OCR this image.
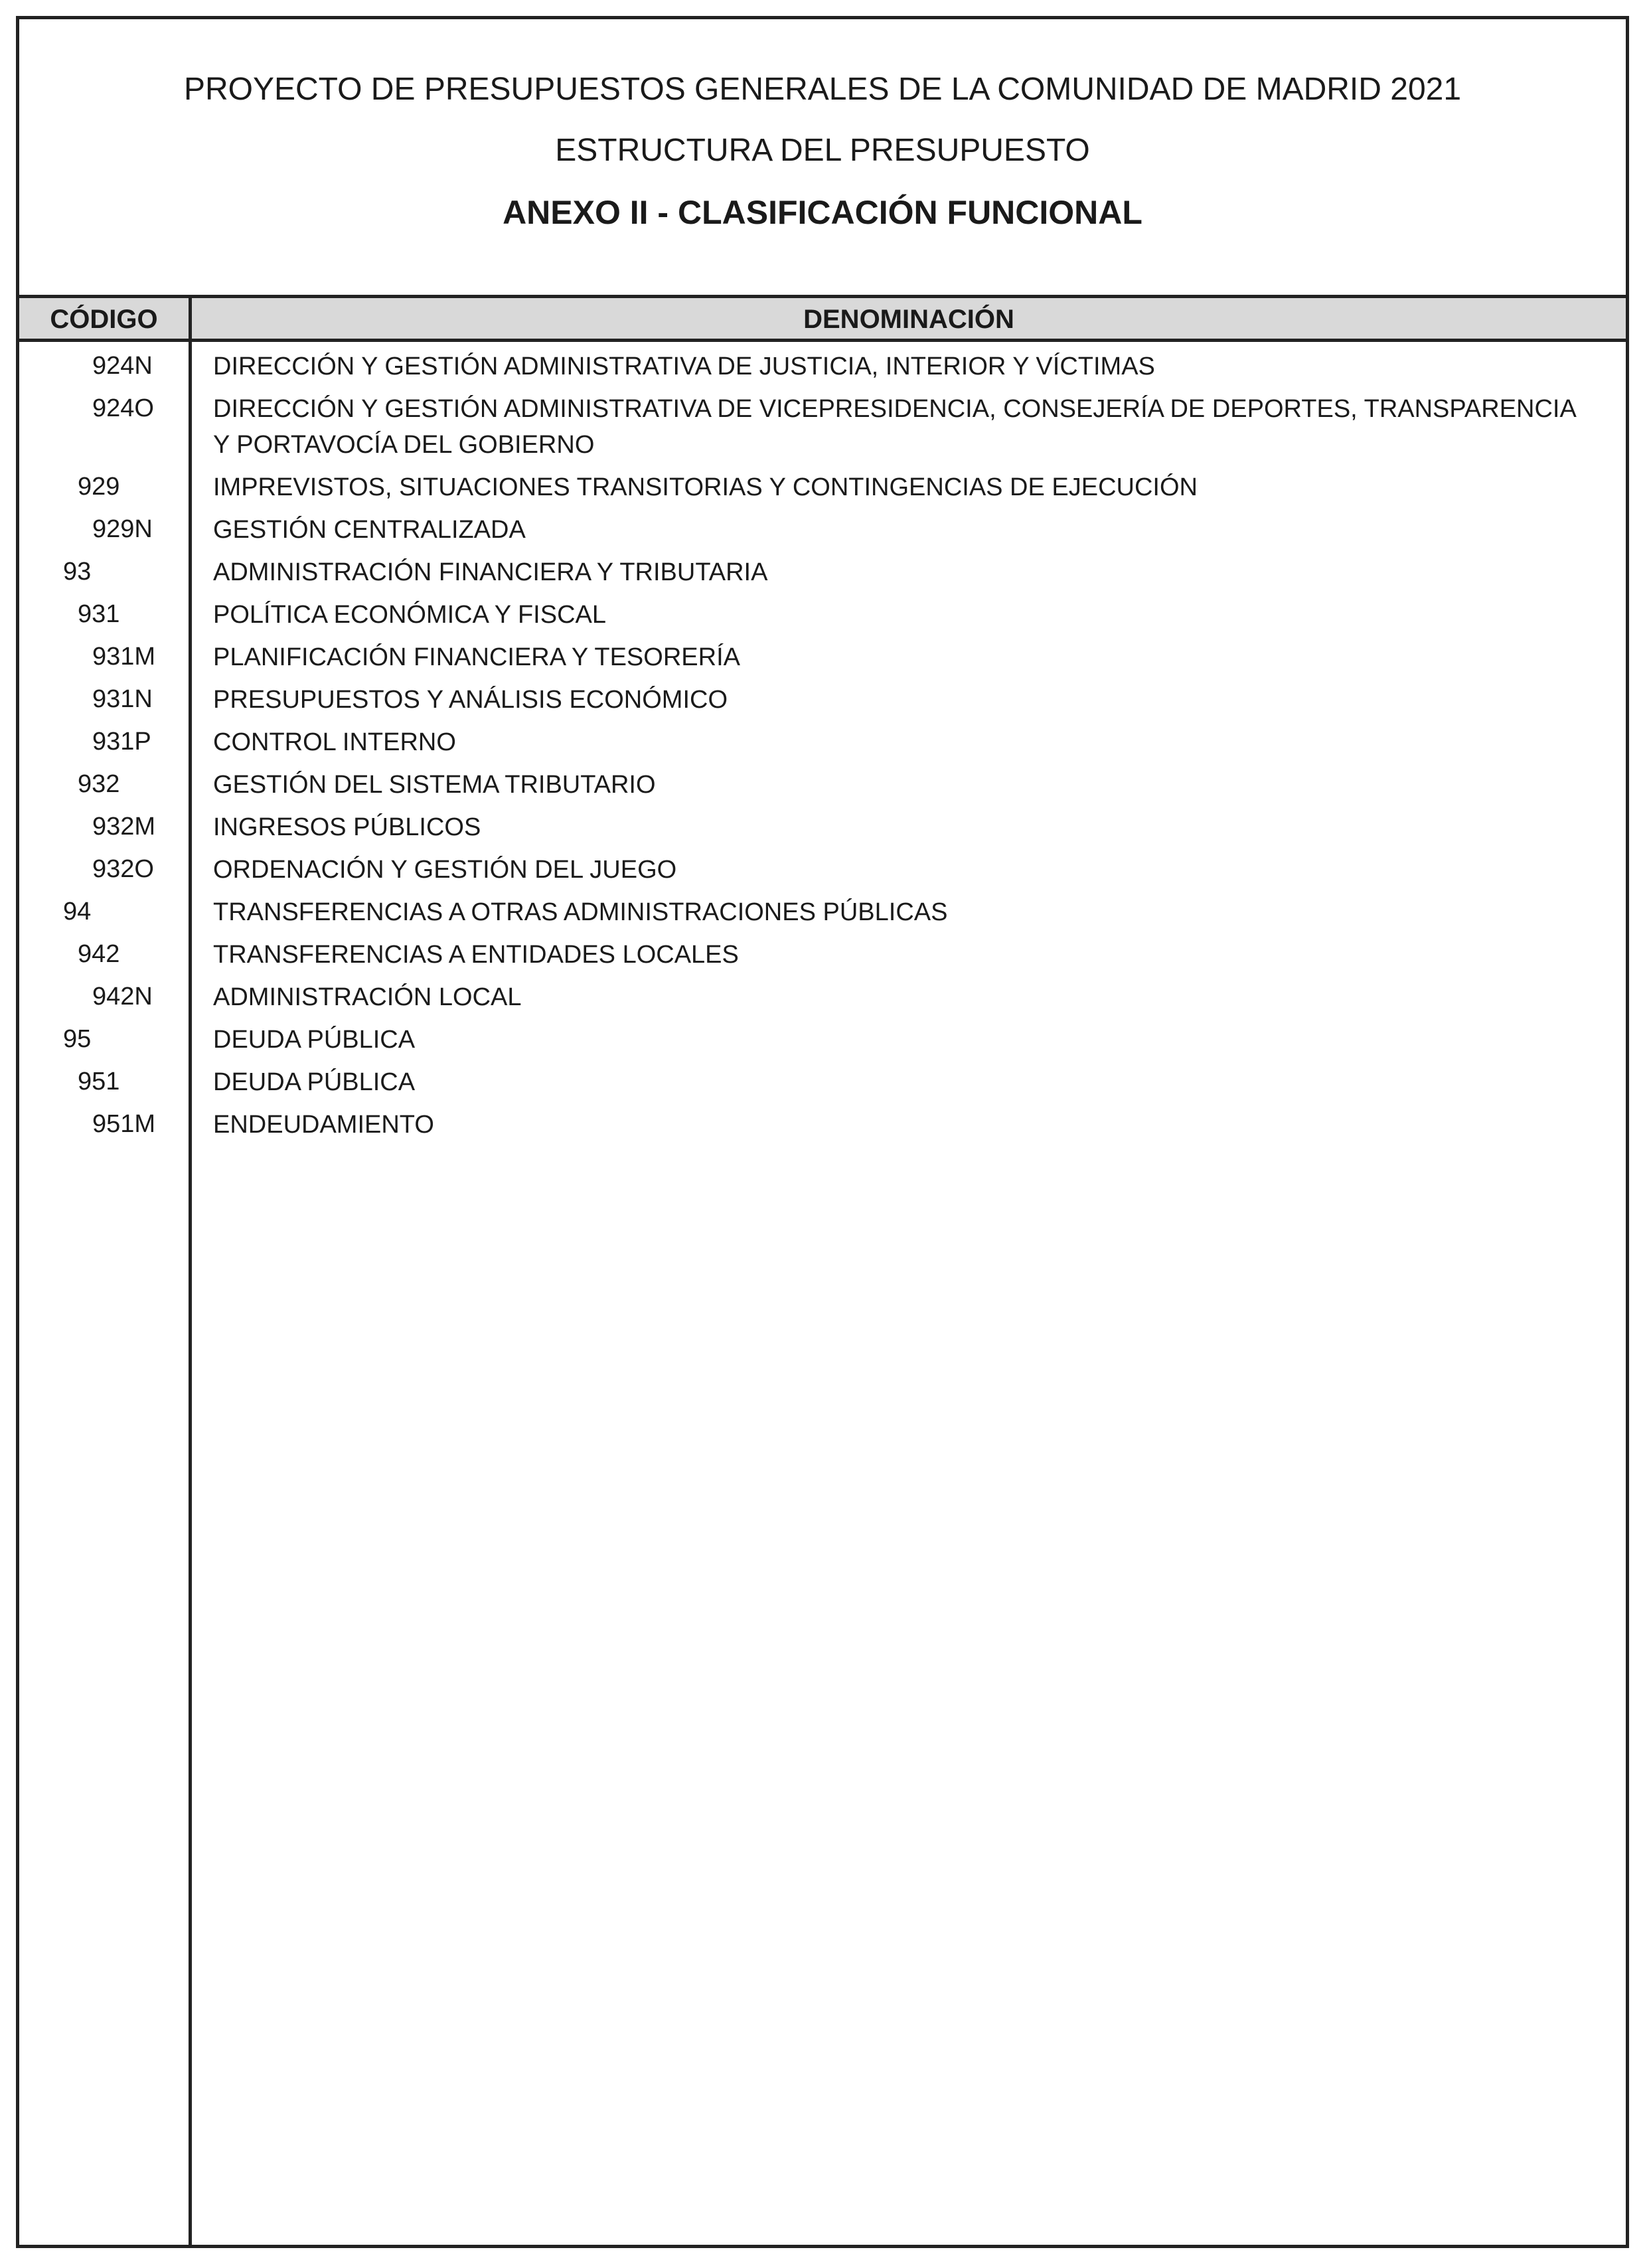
PROYECTO DE PRESUPUESTOS GENERALES DE LA COMUNIDAD DE MADRID 2021
ESTRUCTURA DEL PRESUPUESTO
ANEXO II - CLASIFICACIÓN FUNCIONAL
CÓDIGO	DENOMINACIÓN
924N DIRECCIÓN Y GESTIÓN ADMINISTRATIVA DE JUSTICIA, INTERIOR Y VÍCTIMAS
924O DIRECCIÓN Y GESTIÓN ADMINISTRATIVA DE VICEPRESIDENCIA, CONSEJERÍA DE DEPORTES, TRANSPARENCIA Y PORTAVOCÍA DEL GOBIERNO
929	IMPREVISTOS, SITUACIONES TRANSITORIAS Y CONTINGENCIAS DE EJECUCIÓN
929N GESTIÓN CENTRALIZADA
93	ADMINISTRACIÓN FINANCIERA Y TRIBUTARIA
931	POLÍTICA ECONÓMICA Y FISCAL
931M PLANIFICACIÓN FINANCIERA Y TESORERÍA
931N PRESUPUESTOS Y ANÁLISIS ECONÓMICO
931P CONTROL INTERNO
932	GESTIÓN DEL SISTEMA TRIBUTARIO
932M INGRESOS PÚBLICOS
932O ORDENACIÓN Y GESTIÓN DEL JUEGO
94	TRANSFERENCIAS A OTRAS ADMINISTRACIONES PÚBLICAS
942	TRANSFERENCIAS A ENTIDADES LOCALES
942N ADMINISTRACIÓN LOCAL
95	DEUDA PÚBLICA
951	DEUDA PÚBLICA
951M ENDEUDAMIENTO
